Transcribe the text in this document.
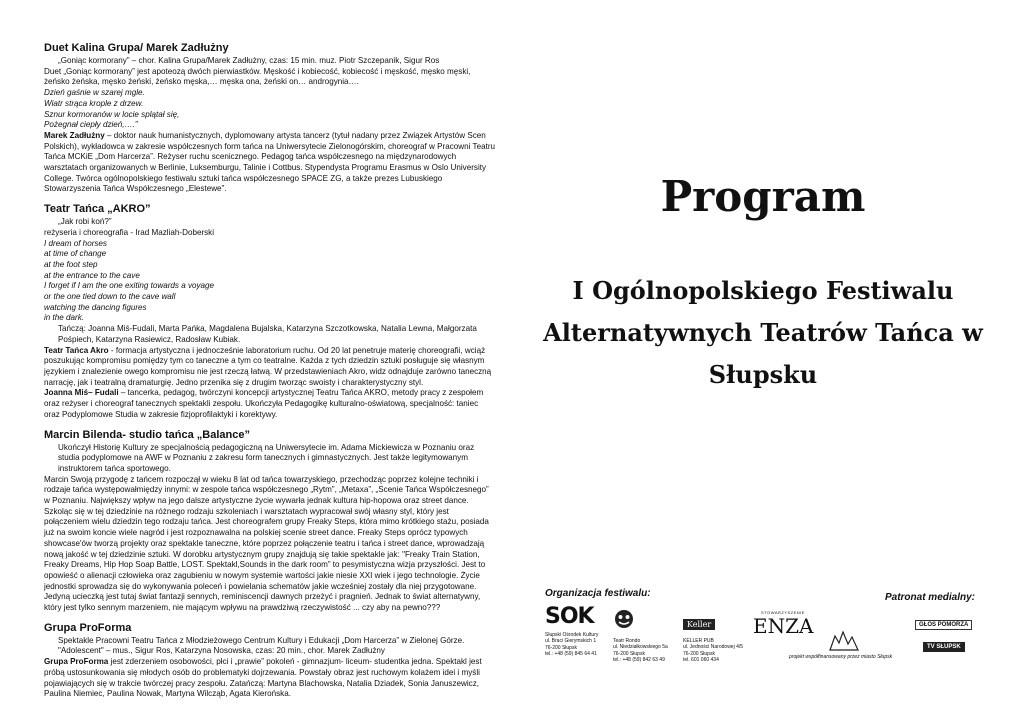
Duet Kalina Grupa/ Marek Zadłużny

„Goniąc kormorany” – chor. Kalina Grupa/Marek Zadłużny, czas: 15 min. muz. Piotr Szczepanik, Sigur Ros

Duet „Goniąc kormorany” jest apoteozą dwóch pierwiastków. Męskość i kobiecość, kobiecość i męskość, męsko męski, żeńsko żeńska, męsko żeński, żeńsko męska,… męska ona, żeński on… androgynia….

Dzień gaśnie w szarej mgle.

Wiatr strąca krople z drzew.

Sznur kormoranów w locie splątał się,

Pożegnał ciepły dzień,….”

Marek Zadłużny – doktor nauk humanistycznych, dyplomowany artysta tancerz (tytuł nadany przez Związek Artystów Scen Polskich), wykładowca w zakresie współczesnych form tańca na Uniwersytecie Zielonogórskim, choreograf w Pracowni Teatru Tańca MCKiE „Dom Harcerza”. Reżyser ruchu scenicznego. Pedagog tańca współczesnego na międzynarodowych warsztatach organizowanych w Berlinie, Luksemburgu, Talinie i Cottbus. Stypendysta Programu Erasmus w Oslo University College. Twórca ogólnopolskiego festiwalu sztuki tańca współczesnego SPACE ZG, a także prezes Lubuskiego Stowarzyszenia Tańca Współczesnego „Elestewe”.

Teatr Tańca „AKRO”

„Jak robi koń?”

reżyseria i choreografia - Irad Mazliah-Doberski

I dream of horses

at time of change

at the foot step

at the entrance to the cave

I forget if I am the one exiting towards a voyage

or the one tied down to the cave wall

watching the dancing figures

in the dark.

Tańczą: Joanna Miś-Fudali, Marta Pańka, Magdalena Bujalska, Katarzyna Szczotkowska, Natalia Lewna, Małgorzata Pośpiech, Katarzyna Rasiewicz, Radosław Kubiak.

Teatr Tańca Akro - formacja artystyczna i jednocześnie laboratorium ruchu. Od 20 lat penetruje materię choreografii, wciąż poszukując kompromisu pomiędzy tym co taneczne a tym co teatralne. Każda z tych dziedzin sztuki posługuje się własnym językiem i znalezienie owego kompromisu nie jest rzeczą łatwą. W przedstawieniach Akro, widz odnajduje zarówno taneczną narrację, jak i teatralną dramaturgię. Jedno przenika się z drugim tworząc swoisty i charakterystyczny styl.

Joanna Miś– Fudali – tancerka, pedagog, twórczyni koncepcji artystycznej Teatru Tańca AKRO, metody pracy z zespołem oraz reżyser i choreograf tanecznych spektakli zespołu. Ukończyła Pedagogikę kulturalno-oświatową, specjalność: taniec oraz Podyplomowe Studia w zakresie fizjoprofilaktyki i korektywy.

Marcin Bilenda- studio tańca „Balance”

Ukończył Historię Kultury ze specjalnością pedagogiczną na Uniwersytecie im. Adama Mickiewicza w Poznaniu oraz studia podyplomowe na AWF w Poznaniu z zakresu form tanecznych i gimnastycznych. Jest także legitymowanym instruktorem tańca sportowego.

Marcin Swoją przygodę z tańcem rozpoczął w wieku 8 lat od tańca towarzyskiego, przechodząc poprzez kolejne techniki i rodzaje tańca występowałmiędzy innymi: w zespole tańca współczesnego „Rytm”, „Metaxa”, „Scenie Tańca Współczesnego” w Poznaniu. Największy wpływ na jego dalsze artystyczne życie wywarła jednak kultura hip-hopowa oraz street dance. Szkoląc się w tej dziedzinie na różnego rodzaju szkoleniach i warsztatach wypracował swój własny styl, który jest połączeniem wielu dziedzin tego rodzaju tańca. Jest choreografem grupy Freaky Steps, która mimo krótkiego stażu, posiada już na swoim koncie wiele nagród i jest rozpoznawalna na polskiej scenie street dance. Freaky Steps oprócz typowych showcase'ów tworzą projekty oraz spektakle taneczne, które poprzez połączenie teatru i tańca i street dance, wprowadzają nową jakość w tej dziedzinie sztuki. W dorobku artystycznym grupy znajdują się takie spektakle jak: "Freaky Train Station, Freaky Dreams, Hip Hop Soap Battle, LOST. Spektakl,Sounds in the dark room” to pesymistyczna wizja przyszłości. Jest to opowieść o alienacji człowieka oraz zagubieniu w nowym systemie wartości jakie niesie XXI wiek i jego technologie. Życie jednostki sprowadza się do wykonywania poleceń i powielania schematów jakie wcześniej zostały dla niej przygotowane. Jedyną ucieczką jest tutaj świat fantazji sennych, reminiscencji dawnych przeżyć i pragnień. Jednak to świat alternatywny, który jest tylko sennym marzeniem, nie mającym wpływu na prawdziwą rzeczywistość ... czy aby na pewno???

Grupa ProForma

Spektakle Pracowni Teatru Tańca z Młodzieżowego Centrum Kultury i Edukacji „Dom Harcerza” w Zielonej Górze. "Adolescent" – mus., Sigur Ros, Katarzyna Nosowska, czas: 20 min., chor. Marek Zadłużny

Grupa ProForma jest zderzeniem osobowości, płci i „prawie” pokoleń - gimnazjum- liceum- studentka jedna. Spektakl jest próbą ustosunkowania się młodych osób do problematyki dojrzewania. Powstały obraz jest ruchowym kolażem idei i myśli pojawiających się w trakcie twórczej pracy zespołu. Zatańczą: Martyna Blachowska, Natalia Dziadek, Sonia Januszewicz, Paulina Niemiec, Paulina Nowak, Martyna Wilcząb, Agata Kierońska.

Program
I Ogólnopolskiego Festiwalu
Alternatywnych Teatrów Tańca w
Słupsku
Organizacja festiwalu:	Patronat medialny:
SOK
Słupski Ośrodek Kultury
ul. Braci Gierymskich 1
76-200 Słupsk
tel.: +48 (59) 845 64 41
Teatr Rondo
ul. Niedziałkowskiego 5a
76-200 Słupsk
tel.: +48 (59) 842 63 49
Keller
KELLER PUB
ul. Jedności Narodowej 4/5
76-200 Słupsk
tel. 601 060 434
STOWARZYSZENIE
ENZA
projekt współfinansowany przez miasto Słupsk
GŁOS POMORZA
TV SŁUPSK
